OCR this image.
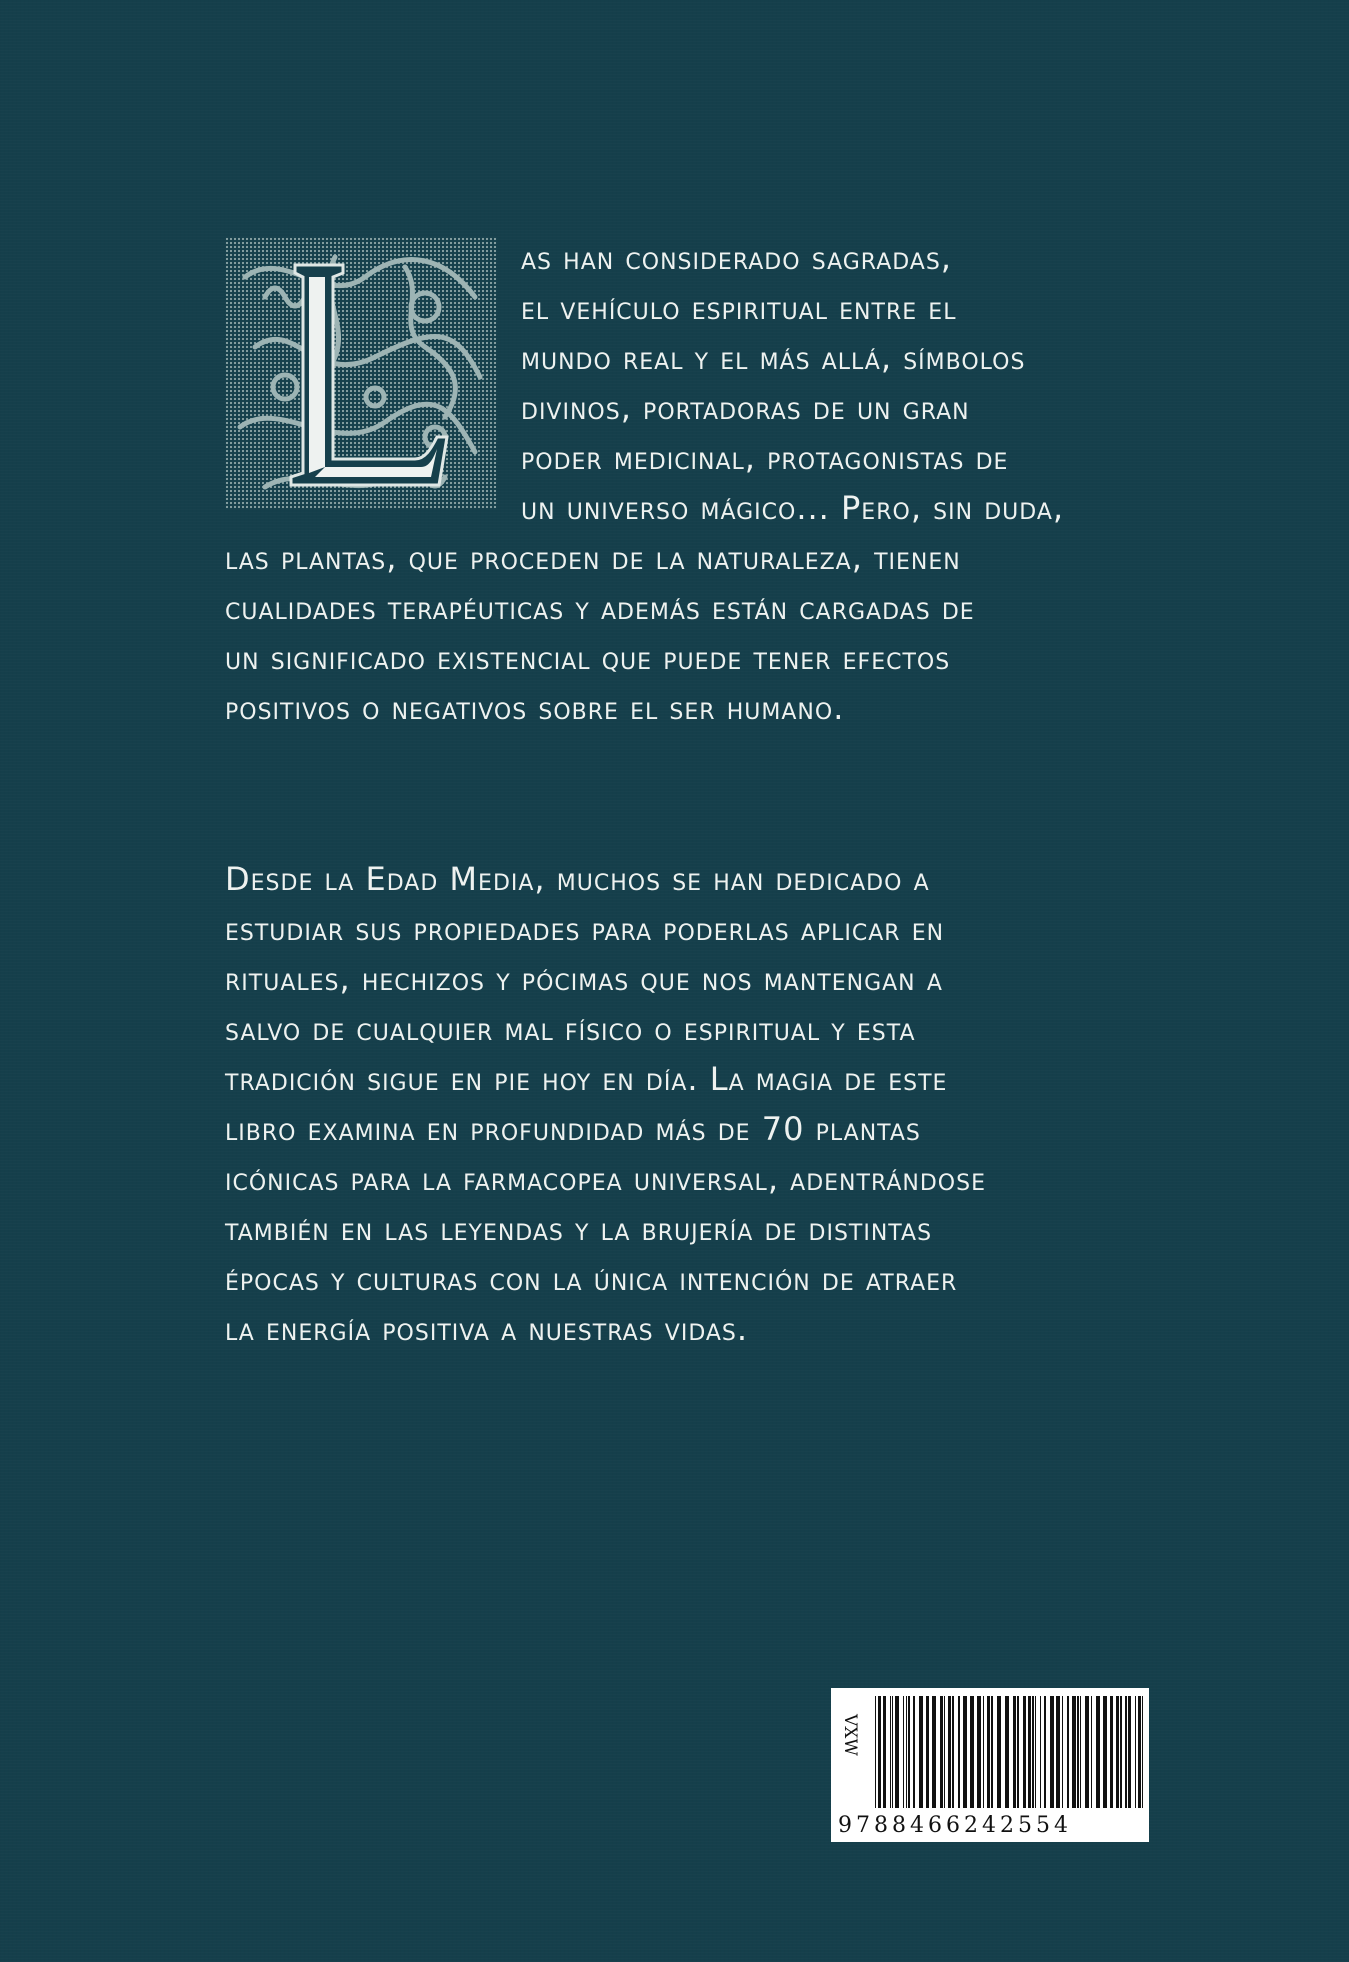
as han considerado sagradas,
el vehículo espiritual entre el
mundo real y el más allá, símbolos
divinos, portadoras de un gran
poder medicinal, protagonistas de
un universo mágico... Pero, sin duda,
las plantas, que proceden de la naturaleza, tienen
cualidades terapéuticas y además están cargadas de
un significado existencial que puede tener efectos
positivos o negativos sobre el ser humano.
Desde la Edad Media, muchos se han dedicado a
estudiar sus propiedades para poderlas aplicar en
rituales, hechizos y pócimas que nos mantengan a
salvo de cualquier mal físico o espiritual y esta
tradición sigue en pie hoy en día. La magia de este
libro examina en profundidad más de 70 plantas
icónicas para la farmacopea universal, adentrándose
también en las leyendas y la brujería de distintas
épocas y culturas con la única intención de atraer
la energía positiva a nuestras vidas.
VXW
9788466242554
